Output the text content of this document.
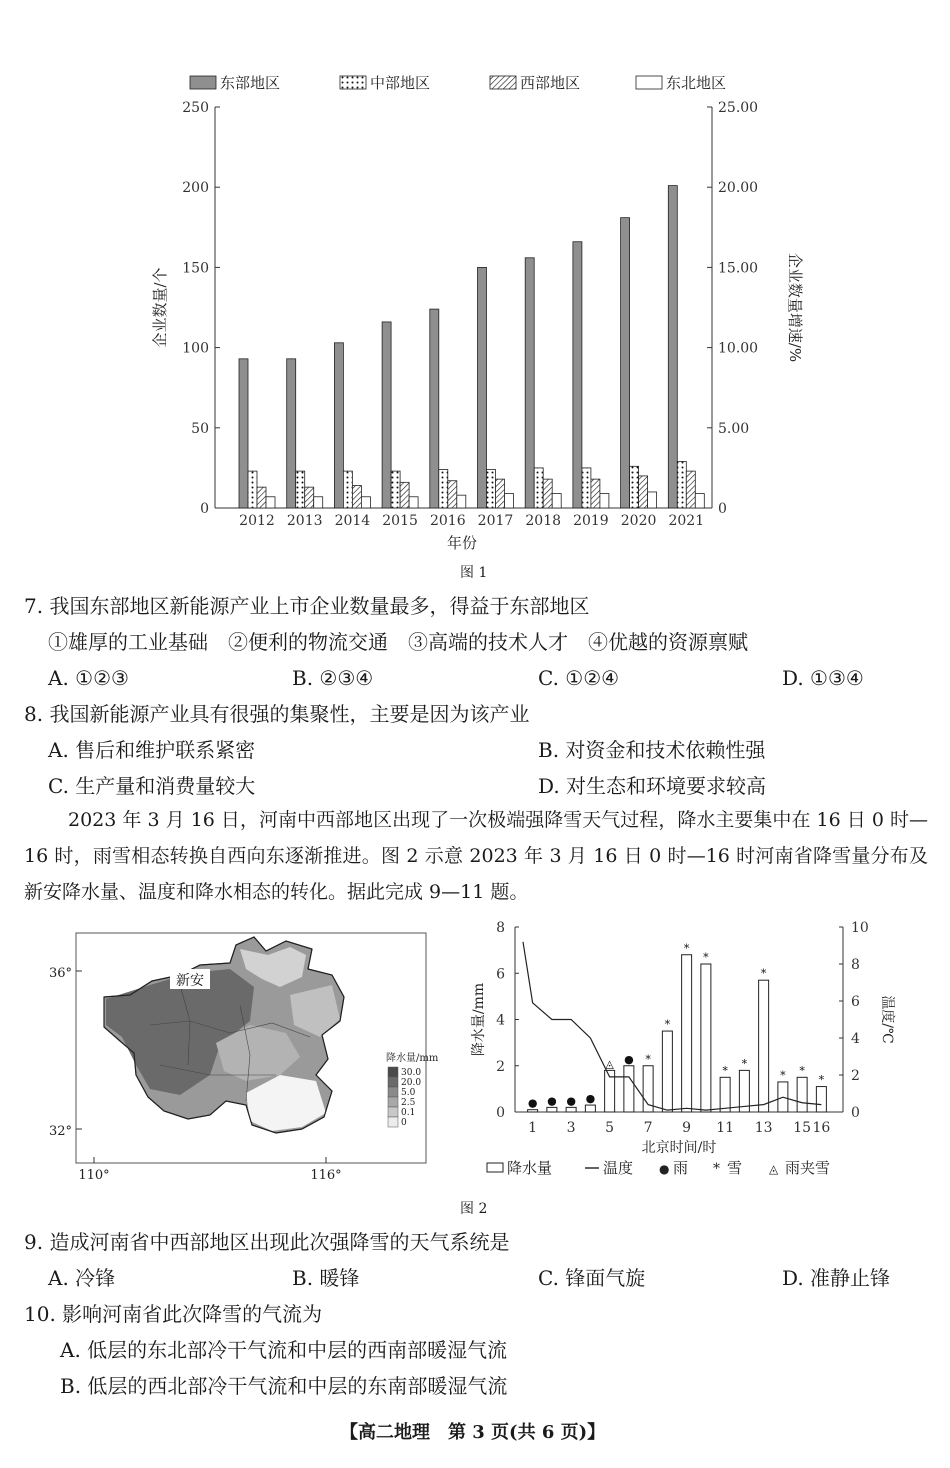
0
50
100
150
200
250
0
5.00
10.00
15.00
20.00
25.00
企业数量/个	企业数量增速/%
年份
2012 2013 2014 2015 2016 2017 2018 2019 2020 2021
东部地区	中部地区	西部地区	东北地区
图 1
7. 我国东部地区新能源产业上市企业数量最多，得益于东部地区
①雄厚的工业基础　②便利的物流交通　③高端的技术人才　④优越的资源禀赋
A. ①②③	B. ②③④	C. ①②④	D. ①③④
8. 我国新能源产业具有很强的集聚性，主要是因为该产业
A. 售后和维护联系紧密	B. 对资金和技术依赖性强
C. 生产量和消费量较大	D. 对生态和环境要求较高
2023 年 3 月 16 日，河南中西部地区出现了一次极端强降雪天气过程，降水主要集中在 16 日 0 时—16 时，雨雪相态转换自西向东逐渐推进。图 2 示意 2023 年 3 月 16 日 0 时—16 时河南省降雪量分布及新安降水量、温度和降水相态的转化。据此完成 9—11 题。
新安
36°
32°
110°	116°
降水量/mm
30.0
20.0
5.0
2.5
0.1
0
0
2
4
6
8
0
2
4
6
8
10
降水量/mm	温度/℃
北京时间/时
1 3 5 7 9 11 13 15 16
● ● ● ●
◬ ● *
*
*
*
*
*
*
* *
*
降水量	温度 ● 雨 * 雪 ◬ 雨夹雪
图 2
9. 造成河南省中西部地区出现此次强降雪的天气系统是
A. 冷锋	B. 暖锋	C. 锋面气旋	D. 准静止锋
10. 影响河南省此次降雪的气流为
A. 低层的东北部冷干气流和中层的西南部暖湿气流
B. 低层的西北部冷干气流和中层的东南部暖湿气流
【高二地理　第 3 页(共 6 页)】
